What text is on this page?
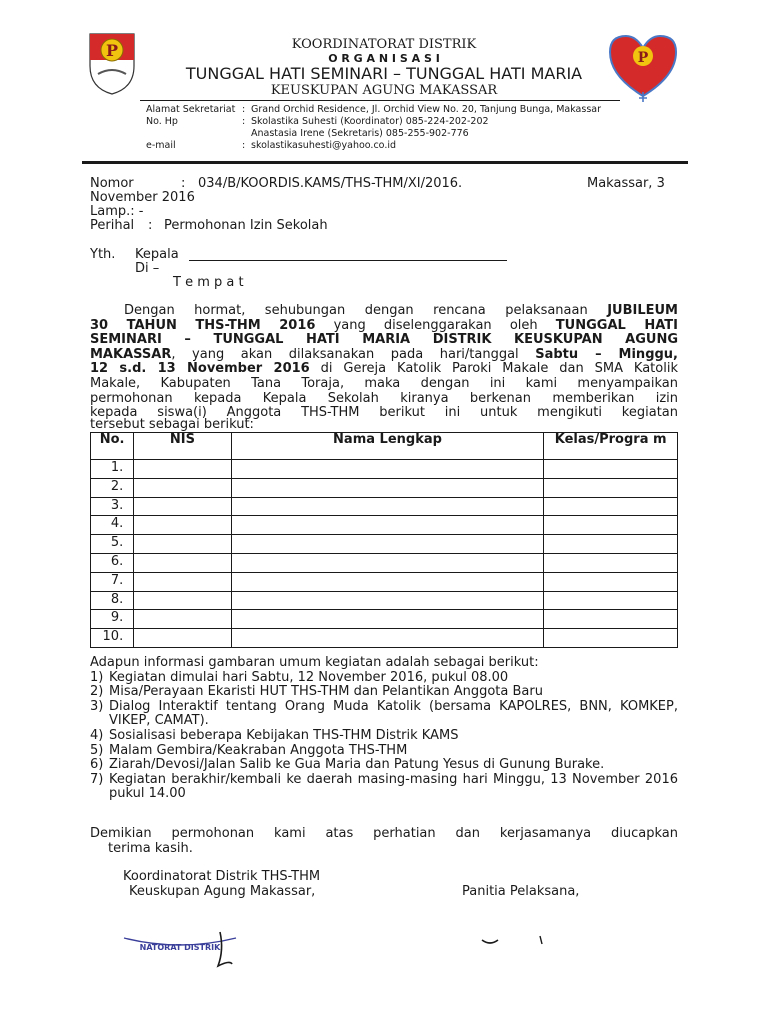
P	KOORDINATORAT DISTRIK
O R G A N I S A S I
TUNGGAL HATI SEMINARI – TUNGGAL HATI MARIA
KEUSKUPAN AGUNG MAKASSAR
P
Alamat Sekretariat : Grand Orchid Residence, Jl. Orchid View No. 20, Tanjung Bunga, Makassar
No. Hp	: Skolastika Suhesti (Koordinator) 085-224-202-202
Anastasia Irene (Sekretaris) 085-255-902-776
e-mail	: skolastikasuhesti@yahoo.co.id
Nomor	: 034/B/KOORDIS.KAMS/THS-THM/XI/2016.	Makassar, 3
November 2016
Lamp.: -
Perihal : Permohonan Izin Sekolah
Yth. Kepala
Di –
T e m p a t
Dengan hormat, sehubungan dengan rencana pelaksanaan JUBILEUM
30 TAHUN THS-THM 2016 yang diselenggarakan oleh TUNGGAL HATI
SEMINARI – TUNGGAL HATI MARIA DISTRIK KEUSKUPAN AGUNG
MAKASSAR, yang akan dilaksanakan pada hari/tanggal Sabtu – Minggu,
12 s.d. 13 November 2016 di Gereja Katolik Paroki Makale dan SMA Katolik
Makale, Kabupaten Tana Toraja, maka dengan ini kami menyampaikan
permohonan kepada Kepala Sekolah kiranya berkenan memberikan izin
kepada siswa(i) Anggota THS-THM berikut ini untuk mengikuti kegiatan
tersebut sebagai berikut:
No.	NIS	Nama Lengkap	Kelas/Progra m
1.			
2.			
3.			
4.			
5.			
6.			
7.			
8.			
9.			
10.			
Adapun informasi gambaran umum kegiatan adalah sebagai berikut:
1) Kegiatan dimulai hari Sabtu, 12 November 2016, pukul 08.00
2) Misa/Perayaan Ekaristi HUT THS-THM dan Pelantikan Anggota Baru
3) Dialog Interaktif tentang Orang Muda Katolik (bersama KAPOLRES, BNN, KOMKEP, VIKEP, CAMAT).
4) Sosialisasi beberapa Kebijakan THS-THM Distrik KAMS
5) Malam Gembira/Keakraban Anggota THS-THM
6) Ziarah/Devosi/Jalan Salib ke Gua Maria dan Patung Yesus di Gunung Burake.
7) Kegiatan berakhir/kembali ke daerah masing-masing hari Minggu, 13 November 2016 pukul 14.00
Demikian permohonan kami atas perhatian dan kerjasamanya diucapkan
terima kasih.
Koordinatorat Distrik THS-THM
Keuskupan Agung Makassar,	Panitia Pelaksana,
NATORAT DISTRIK
